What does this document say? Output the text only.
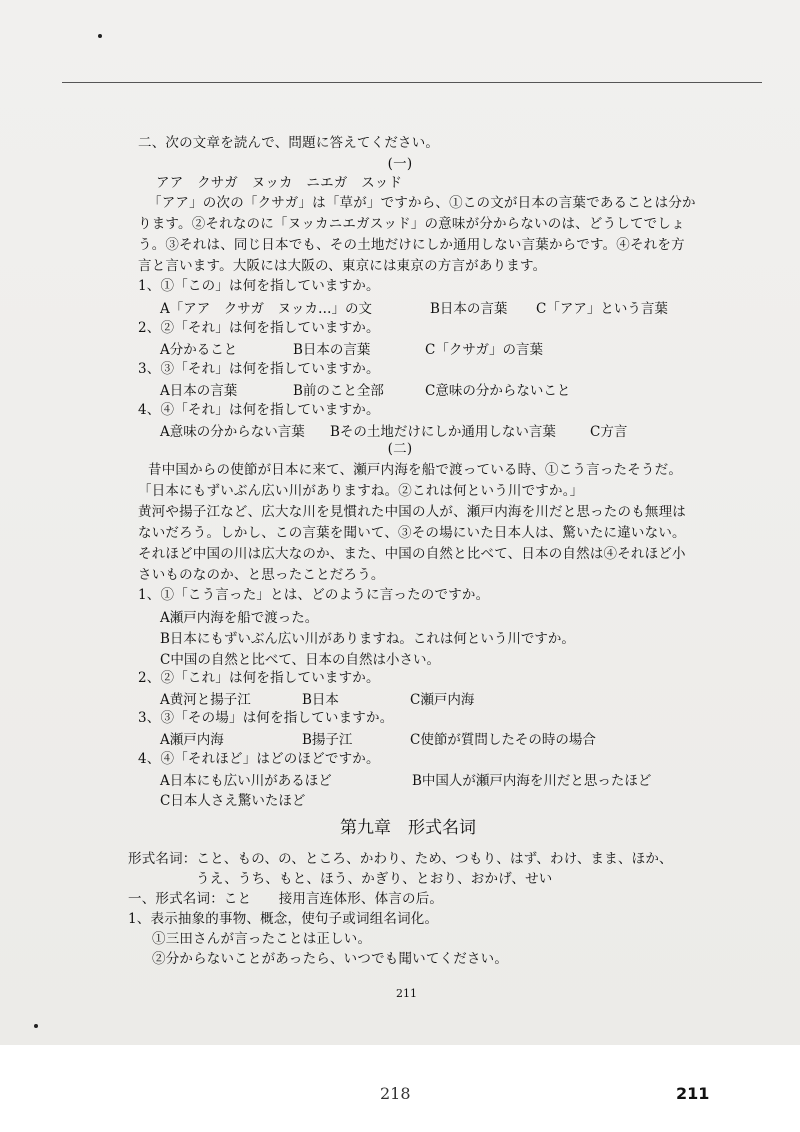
二、次の文章を読んで、問題に答えてください。
(一)
アア　クサガ　ヌッカ　ニエガ　スッド
「アア」の次の「クサガ」は「草が」ですから、①この文が日本の言葉であることは分か
ります。②それなのに「ヌッカニエガスッド」の意味が分からないのは、どうしてでしょ
う。③それは、同じ日本でも、その土地だけにしか通用しない言葉からです。④それを方
言と言います。大阪には大阪の、東京には東京の方言があります。
1、①「この」は何を指していますか。
A「アア　クサガ　ヌッカ…」の文	B日本の言葉 C「アア」という言葉
2、②「それ」は何を指していますか。
A分かること	B日本の言葉	C「クサガ」の言葉
3、③「それ」は何を指していますか。
A日本の言葉	B前のこと全部	C意味の分からないこと
4、④「それ」は何を指していますか。
A意味の分からない言葉 Bその土地だけにしか通用しない言葉	C方言
(二)
昔中国からの使節が日本に来て、瀬戸内海を船で渡っている時、①こう言ったそうだ。
「日本にもずいぶん広い川がありますね。②これは何という川ですか。」
黄河や揚子江など、広大な川を見慣れた中国の人が、瀬戸内海を川だと思ったのも無理は
ないだろう。しかし、この言葉を聞いて、③その場にいた日本人は、驚いたに違いない。
それほど中国の川は広大なのか、また、中国の自然と比べて、日本の自然は④それほど小
さいものなのか、と思ったことだろう。
1、①「こう言った」とは、どのように言ったのですか。
A瀬戸内海を船で渡った。
B日本にもずいぶん広い川がありますね。これは何という川ですか。
C中国の自然と比べて、日本の自然は小さい。
2、②「これ」は何を指していますか。
A黄河と揚子江	B日本	C瀬戸内海
3、③「その場」は何を指していますか。
A瀬戸内海	B揚子江	C使節が質問したその時の場合
4、④「それほど」はどのほどですか。
A日本にも広い川があるほど	B中国人が瀬戸内海を川だと思ったほど
C日本人さえ驚いたほど
第九章　形式名词
形式名词：こと、もの、の、ところ、かわり、ため、つもり、はず、わけ、まま、ほか、
うえ、うち、もと、ほう、かぎり、とおり、おかげ、せい
一、形式名词：こと　　接用言连体形、体言の后。
1、表示抽象的事物、概念，使句子或词组名词化。
①三田さんが言ったことは正しい。
②分からないことがあったら、いつでも聞いてください。
211
218	211
